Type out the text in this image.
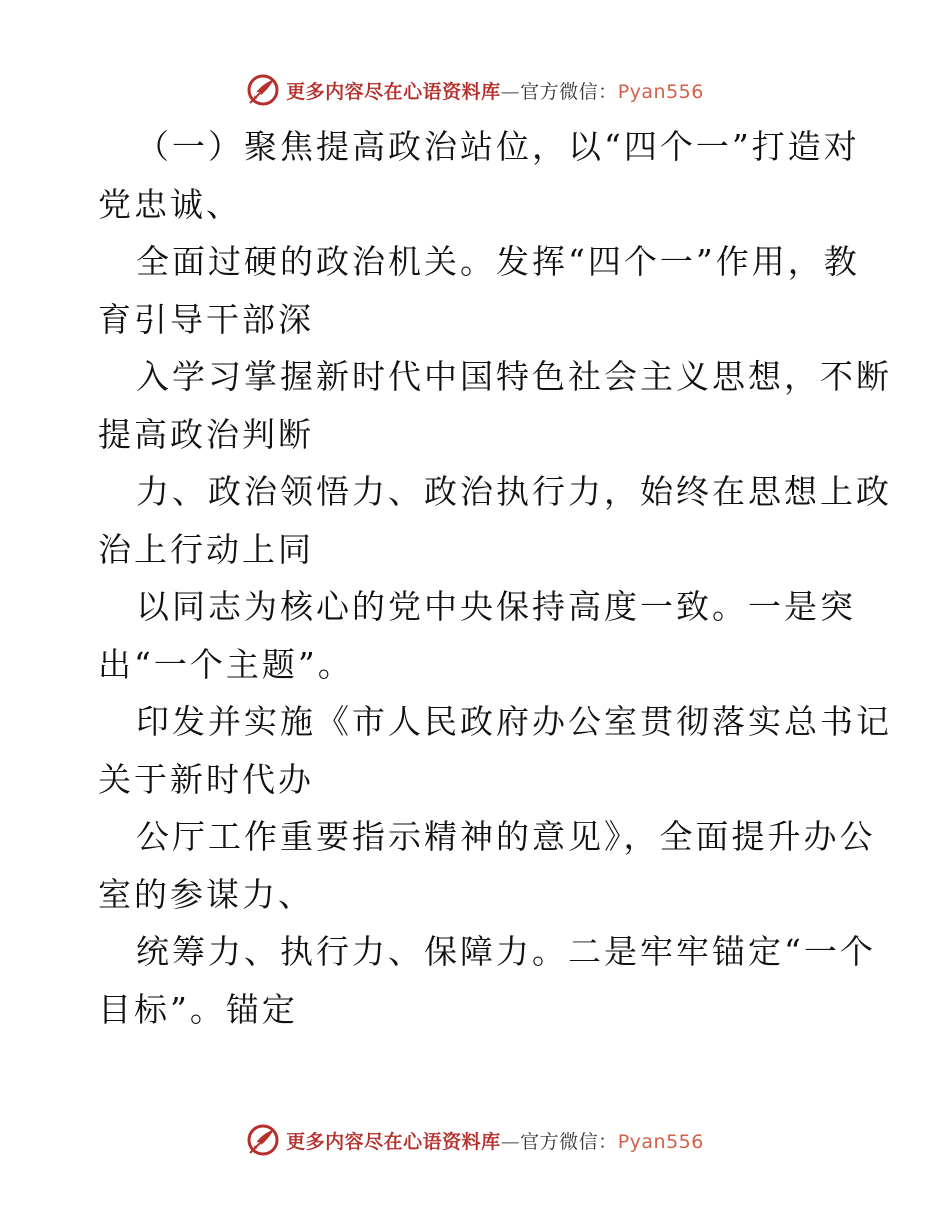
更多内容尽在心语资料库—官方微信：Pyan556

（一）聚焦提高政治站位，以“四个一”打造对

党忠诚、

全面过硬的政治机关。发挥“四个一”作用，教

育引导干部深

入学习掌握新时代中国特色社会主义思想，不断

提高政治判断

力、政治领悟力、政治执行力，始终在思想上政

治上行动上同

以同志为核心的党中央保持高度一致。一是突

出“一个主题”。

印发并实施《市人民政府办公室贯彻落实总书记

关于新时代办

公厅工作重要指示精神的意见》，全面提升办公

室的参谋力、

统筹力、执行力、保障力。二是牢牢锚定“一个

目标”。锚定

更多内容尽在心语资料库—官方微信：Pyan556
